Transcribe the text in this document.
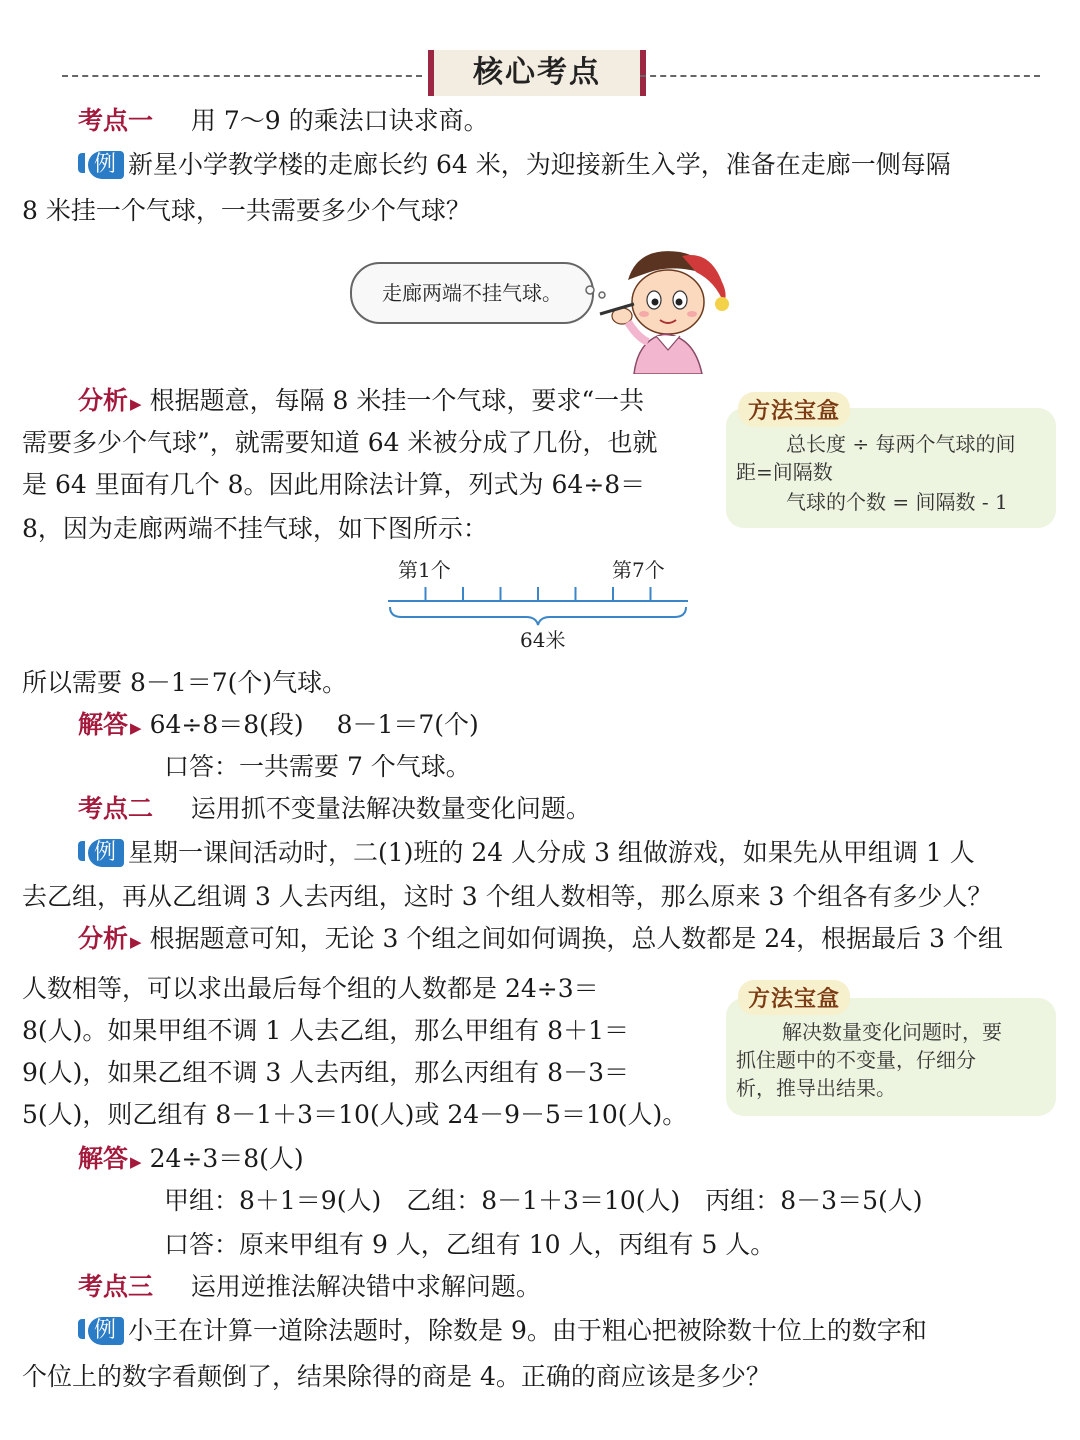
核心考点
考点一 用 7～9 的乘法口诀求商。
例 新星小学教学楼的走廊长约 64 米，为迎接新生入学，准备在走廊一侧每隔
8 米挂一个气球，一共需要多少个气球？
走廊两端不挂气球。
分析 ▶ 根据题意，每隔 8 米挂一个气球，要求“一共
需要多少个气球”，就需要知道 64 米被分成了几份，也就
是 64 里面有几个 8。因此用除法计算，列式为 64÷8＝
8，因为走廊两端不挂气球，如下图所示：
总长度 ÷ 每两个气球的间
距=间隔数
气球的个数 = 间隔数 - 1
方法宝盒
第1个	第7个
64米
所以需要 8－1＝7(个)气球。
解答 ▶ 64÷8＝8(段)　 8－1＝7(个)
口答：一共需要 7 个气球。
考点二 运用抓不变量法解决数量变化问题。
例 星期一课间活动时，二(1)班的 24 人分成 3 组做游戏，如果先从甲组调 1 人
去乙组，再从乙组调 3 人去丙组，这时 3 个组人数相等，那么原来 3 个组各有多少人？
分析 ▶ 根据题意可知，无论 3 个组之间如何调换，总人数都是 24，根据最后 3 个组
人数相等，可以求出最后每个组的人数都是 24÷3＝
8(人)。如果甲组不调 1 人去乙组，那么甲组有 8＋1＝
9(人)，如果乙组不调 3 人去丙组，那么丙组有 8－3＝
5(人)，则乙组有 8－1＋3＝10(人)或 24－9－5＝10(人)。
解决数量变化问题时，要
抓住题中的不变量，仔细分
析，推导出结果。
方法宝盒
解答 ▶ 24÷3＝8(人)
甲组：8＋1＝9(人)　乙组：8－1＋3＝10(人)　丙组：8－3＝5(人)
口答：原来甲组有 9 人，乙组有 10 人，丙组有 5 人。
考点三 运用逆推法解决错中求解问题。
例 小王在计算一道除法题时，除数是 9。由于粗心把被除数十位上的数字和
个位上的数字看颠倒了，结果除得的商是 4。正确的商应该是多少？
